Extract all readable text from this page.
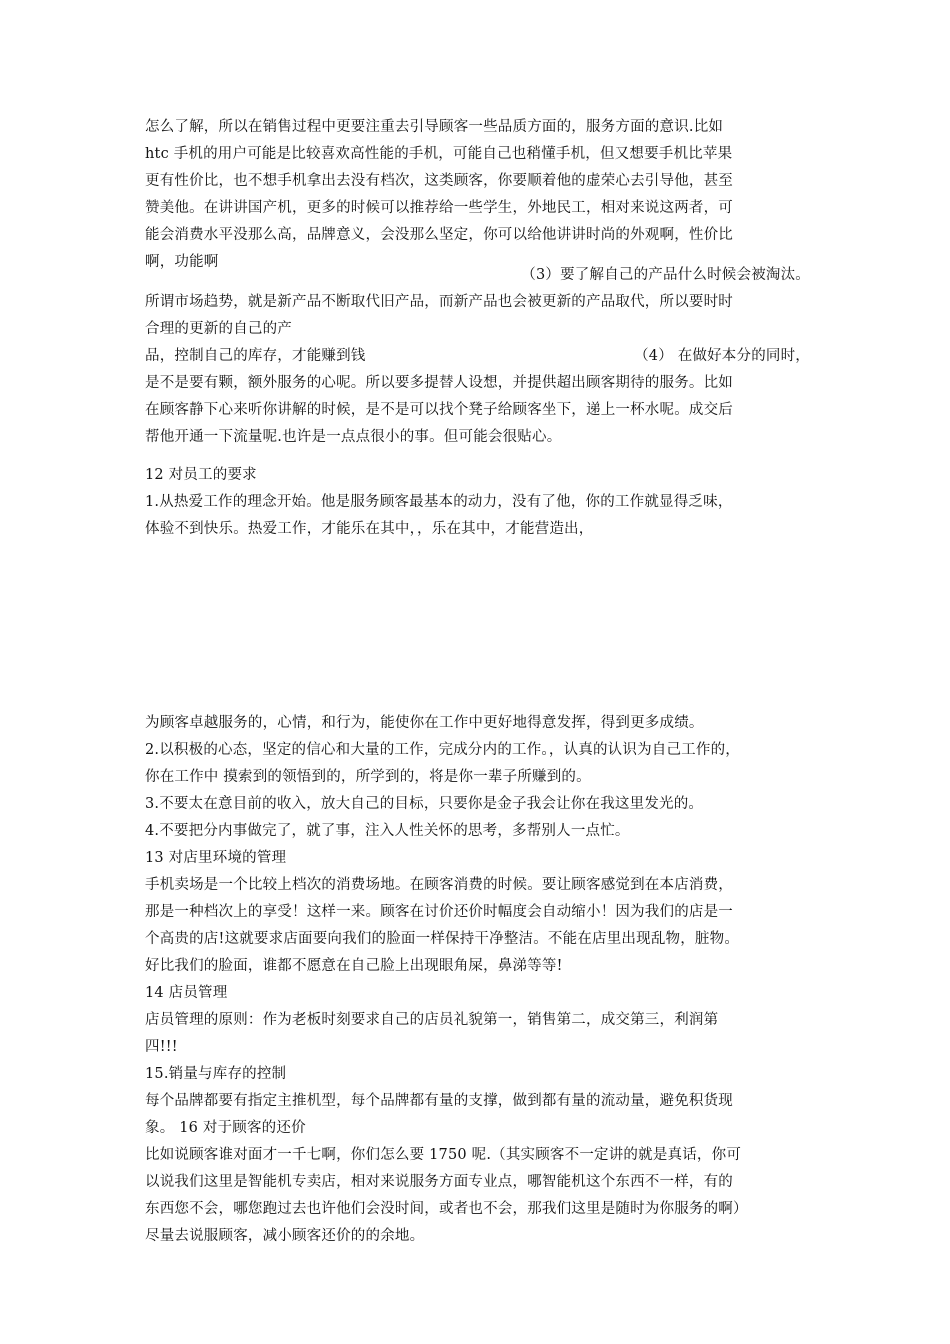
怎么了解，所以在销售过程中更要注重去引导顾客一些品质方面的，服务方面的意识.比如
htc 手机的用户可能是比较喜欢高性能的手机，可能自己也稍懂手机，但又想要手机比苹果
更有性价比，也不想手机拿出去没有档次，这类顾客，你要顺着他的虚荣心去引导他，甚至
赞美他。在讲讲国产机，更多的时候可以推荐给一些学生，外地民工，相对来说这两者，可
能会消费水平没那么高，品牌意义，会没那么坚定，你可以给他讲讲时尚的外观啊，性价比
啊，功能啊
（3）要了解自己的产品什么时候会被淘汰。
所谓市场趋势，就是新产品不断取代旧产品，而新产品也会被更新的产品取代，所以要时时
合理的更新的自己的产
品，控制自己的库存，才能赚到钱	（4） 在做好本分的同时，
是不是要有颗，额外服务的心呢。所以要多提替人设想，并提供超出顾客期待的服务。比如
在顾客静下心来听你讲解的时候，是不是可以找个凳子给顾客坐下，递上一杯水呢。成交后
帮他开通一下流量呢.也许是一点点很小的事。但可能会很贴心。
12 对员工的要求
1.从热爱工作的理念开始。他是服务顾客最基本的动力，没有了他，你的工作就显得乏味，
体验不到快乐。热爱工作，才能乐在其中，，乐在其中，才能营造出，
为顾客卓越服务的，心情，和行为，能使你在工作中更好地得意发挥，得到更多成绩。
2.以积极的心态，坚定的信心和大量的工作，完成分内的工作。，认真的认识为自己工作的，
你在工作中 摸索到的领悟到的，所学到的，将是你一辈子所赚到的。
3.不要太在意目前的收入，放大自己的目标，只要你是金子我会让你在我这里发光的。
4.不要把分内事做完了，就了事，注入人性关怀的思考，多帮别人一点忙。
13 对店里环境的管理
手机卖场是一个比较上档次的消费场地。在顾客消费的时候。要让顾客感觉到在本店消费，
那是一种档次上的享受！这样一来。顾客在讨价还价时幅度会自动缩小！因为我们的店是一
个高贵的店!这就要求店面要向我们的脸面一样保持干净整洁。不能在店里出现乱物，脏物。
好比我们的脸面，谁都不愿意在自己脸上出现眼角屎，鼻涕等等!
14 店员管理
店员管理的原则：作为老板时刻要求自己的店员礼貌第一，销售第二，成交第三，利润第
四!!!
15.销量与库存的控制
每个品牌都要有指定主推机型，每个品牌都有量的支撑，做到都有量的流动量，避免积货现
象。 16 对于顾客的还价
比如说顾客谁对面才一千七啊，你们怎么要 1750 呢.（其实顾客不一定讲的就是真话，你可
以说我们这里是智能机专卖店，相对来说服务方面专业点，哪智能机这个东西不一样，有的
东西您不会，哪您跑过去也许他们会没时间，或者也不会，那我们这里是随时为你服务的啊）
尽量去说服顾客，减小顾客还价的的余地。
